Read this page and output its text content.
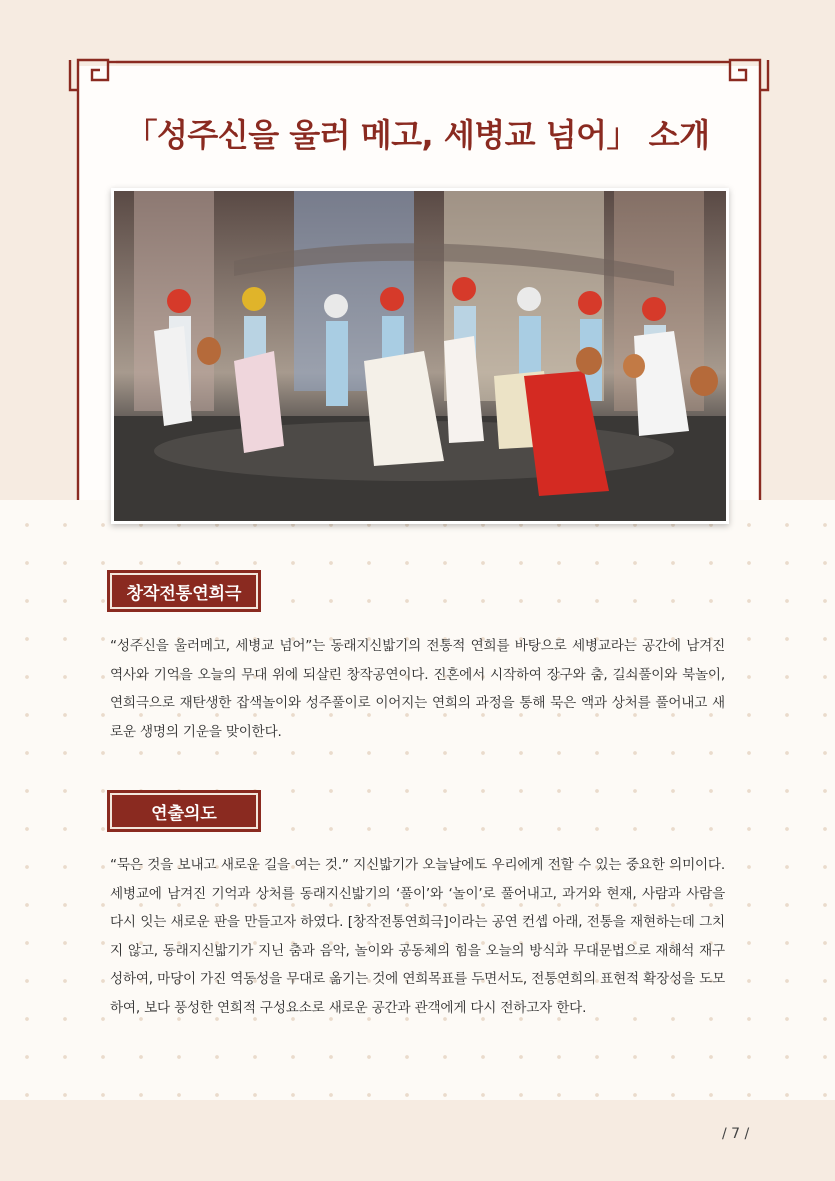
「성주신을 울러 메고, 세병교 넘어」 소개
창작전통연희극
“성주신을 울러메고, 세병교 넘어”는 동래지신밟기의 전통적 연희를 바탕으로 세병교라는 공간에 남겨진 역사와 기억을 오늘의 무대 위에 되살린 창작공연이다. 진혼에서 시작하여 장구와 춤, 길쇠풀이와 북놀이, 연희극으로 재탄생한 잡색놀이와 성주풀이로 이어지는 연희의 과정을 통해 묵은 액과 상처를 풀어내고 새로운 생명의 기운을 맞이한다.
연출의도
“묵은 것을 보내고 새로운 길을 여는 것.” 지신밟기가 오늘날에도 우리에게 전할 수 있는 중요한 의미이다. 세병교에 남겨진 기억과 상처를 동래지신밟기의 ‘풀이’와 ‘놀이’로 풀어내고, 과거와 현재, 사람과 사람을 다시 잇는 새로운 판을 만들고자 하였다. [창작전통연희극]이라는 공연 컨셉 아래, 전통을 재현하는데 그치지 않고, 동래지신밟기가 지닌 춤과 음악, 놀이와 공동체의 힘을 오늘의 방식과 무대문법으로 재해석 재구성하여, 마당이 가진 역동성을 무대로 옮기는 것에 연희목표를 두면서도, 전통연희의 표현적 확장성을 도모하여, 보다 풍성한 연희적 구성요소로 새로운 공간과 관객에게 다시 전하고자 한다.
/ 7 /
